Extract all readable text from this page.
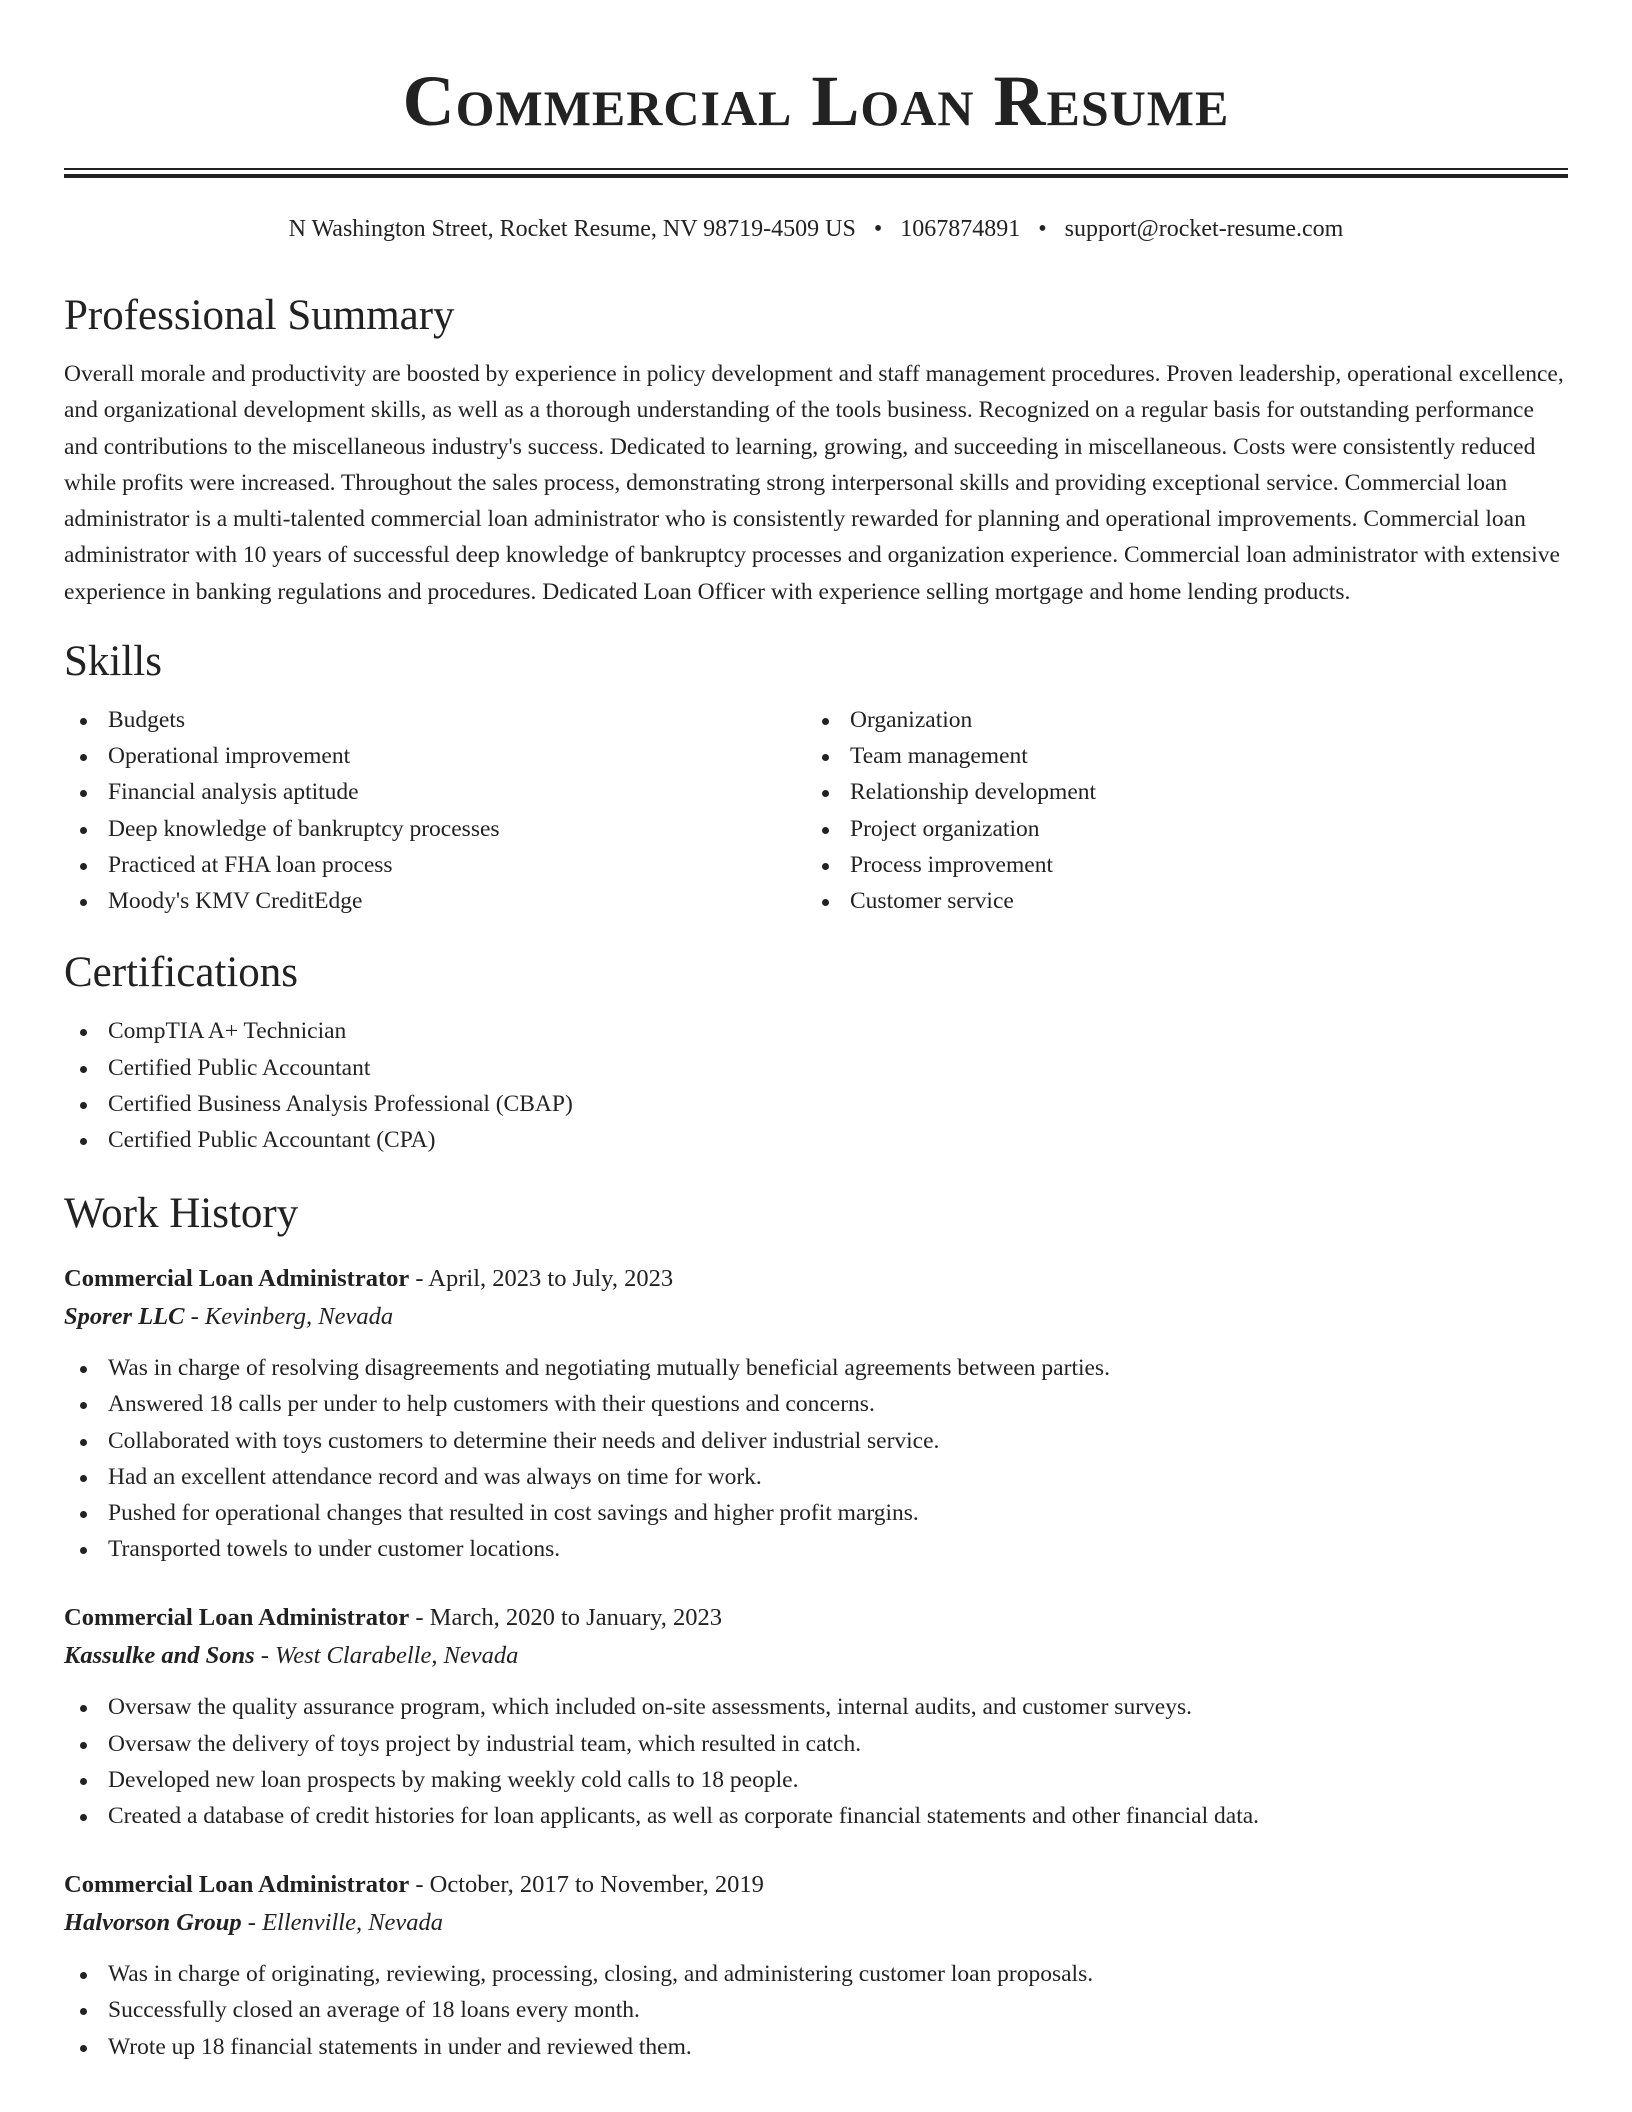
Commercial Loan Resume
N Washington Street, Rocket Resume, NV 98719-4509 US • 1067874891 • support@rocket-resume.com
Professional Summary

Overall morale and productivity are boosted by experience in policy development and staff management procedures. Proven leadership, operational excellence, and organizational development skills, as well as a thorough understanding of the tools business. Recognized on a regular basis for outstanding performance and contributions to the miscellaneous industry's success. Dedicated to learning, growing, and succeeding in miscellaneous. Costs were consistently reduced while profits were increased. Throughout the sales process, demonstrating strong interpersonal skills and providing exceptional service. Commercial loan administrator is a multi-talented commercial loan administrator who is consistently rewarded for planning and operational improvements. Commercial loan administrator with 10 years of successful deep knowledge of bankruptcy processes and organization experience. Commercial loan administrator with extensive experience in banking regulations and procedures. Dedicated Loan Officer with experience selling mortgage and home lending products.

Skills
Budgets
Operational improvement
Financial analysis aptitude
Deep knowledge of bankruptcy processes
Practiced at FHA loan process
Moody's KMV CreditEdge
Organization
Team management
Relationship development
Project organization
Process improvement
Customer service
Certifications
CompTIA A+ Technician
Certified Public Accountant
Certified Business Analysis Professional (CBAP)
Certified Public Accountant (CPA)
Work History
Commercial Loan Administrator - April, 2023 to July, 2023
Sporer LLC - Kevinberg, Nevada
Was in charge of resolving disagreements and negotiating mutually beneficial agreements between parties.
Answered 18 calls per under to help customers with their questions and concerns.
Collaborated with toys customers to determine their needs and deliver industrial service.
Had an excellent attendance record and was always on time for work.
Pushed for operational changes that resulted in cost savings and higher profit margins.
Transported towels to under customer locations.
Commercial Loan Administrator - March, 2020 to January, 2023
Kassulke and Sons - West Clarabelle, Nevada
Oversaw the quality assurance program, which included on-site assessments, internal audits, and customer surveys.
Oversaw the delivery of toys project by industrial team, which resulted in catch.
Developed new loan prospects by making weekly cold calls to 18 people.
Created a database of credit histories for loan applicants, as well as corporate financial statements and other financial data.
Commercial Loan Administrator - October, 2017 to November, 2019
Halvorson Group - Ellenville, Nevada
Was in charge of originating, reviewing, processing, closing, and administering customer loan proposals.
Successfully closed an average of 18 loans every month.
Wrote up 18 financial statements in under and reviewed them.
